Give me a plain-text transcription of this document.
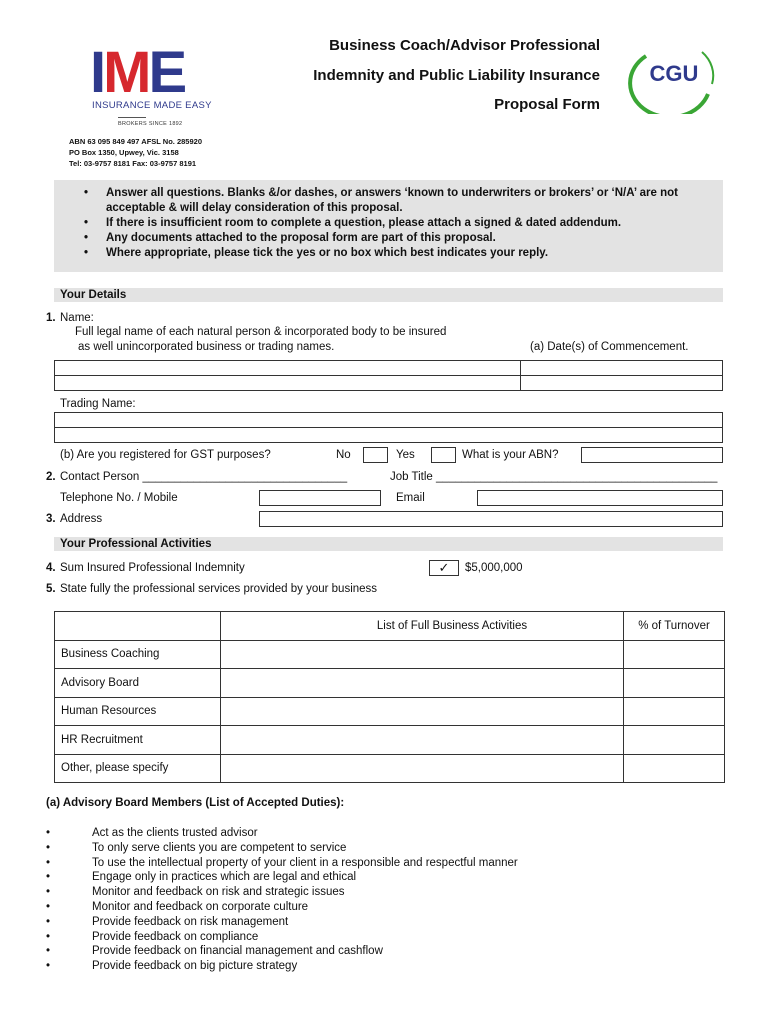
IME
INSURANCE MADE EASY
BROKERS SINCE 1892
Business Coach/Advisor Professional
Indemnity and Public Liability Insurance
Proposal Form
CGU
ABN 63 095 849 497 AFSL No. 285920
PO Box 1350, Upwey, Vic. 3158
Tel: 03-9757 8181 Fax: 03-9757 8191
• Answer all questions. Blanks &/or dashes, or answers ‘known to underwriters or brokers’ or ‘N/A’ are not acceptable & will delay consideration of this proposal.
• If there is insufficient room to complete a question, please attach a signed & dated addendum.
• Any documents attached to the proposal form are part of this proposal.
• Where appropriate, please tick the yes or no box which best indicates your reply.
Your Details
1. Name:
Full legal name of each natural person & incorporated body to be insured
as well unincorporated business or trading names.	(a) Date(s) of Commencement.

Trading Name:

(b) Are you registered for GST purposes?	No	Yes	What is your ABN?
2. Contact Person ________________________________	Job Title ____________________________________________
Telephone No. / Mobile	Email
3. Address
Your Professional Activities
4. Sum Insured Professional Indemnity	✓	$5,000,000
5. State fully the professional services provided by your business
	List of Full Business Activities	% of Turnover
Business Coaching		
Advisory Board		
Human Resources		
HR Recruitment		
Other, please specify		
(a) Advisory Board Members (List of Accepted Duties):
• Act as the clients trusted advisor
• To only serve clients you are competent to service
• To use the intellectual property of your client in a responsible and respectful manner
• Engage only in practices which are legal and ethical
• Monitor and feedback on risk and strategic issues
• Monitor and feedback on corporate culture
• Provide feedback on risk management
• Provide feedback on compliance
• Provide feedback on financial management and cashflow
• Provide feedback on big picture strategy
